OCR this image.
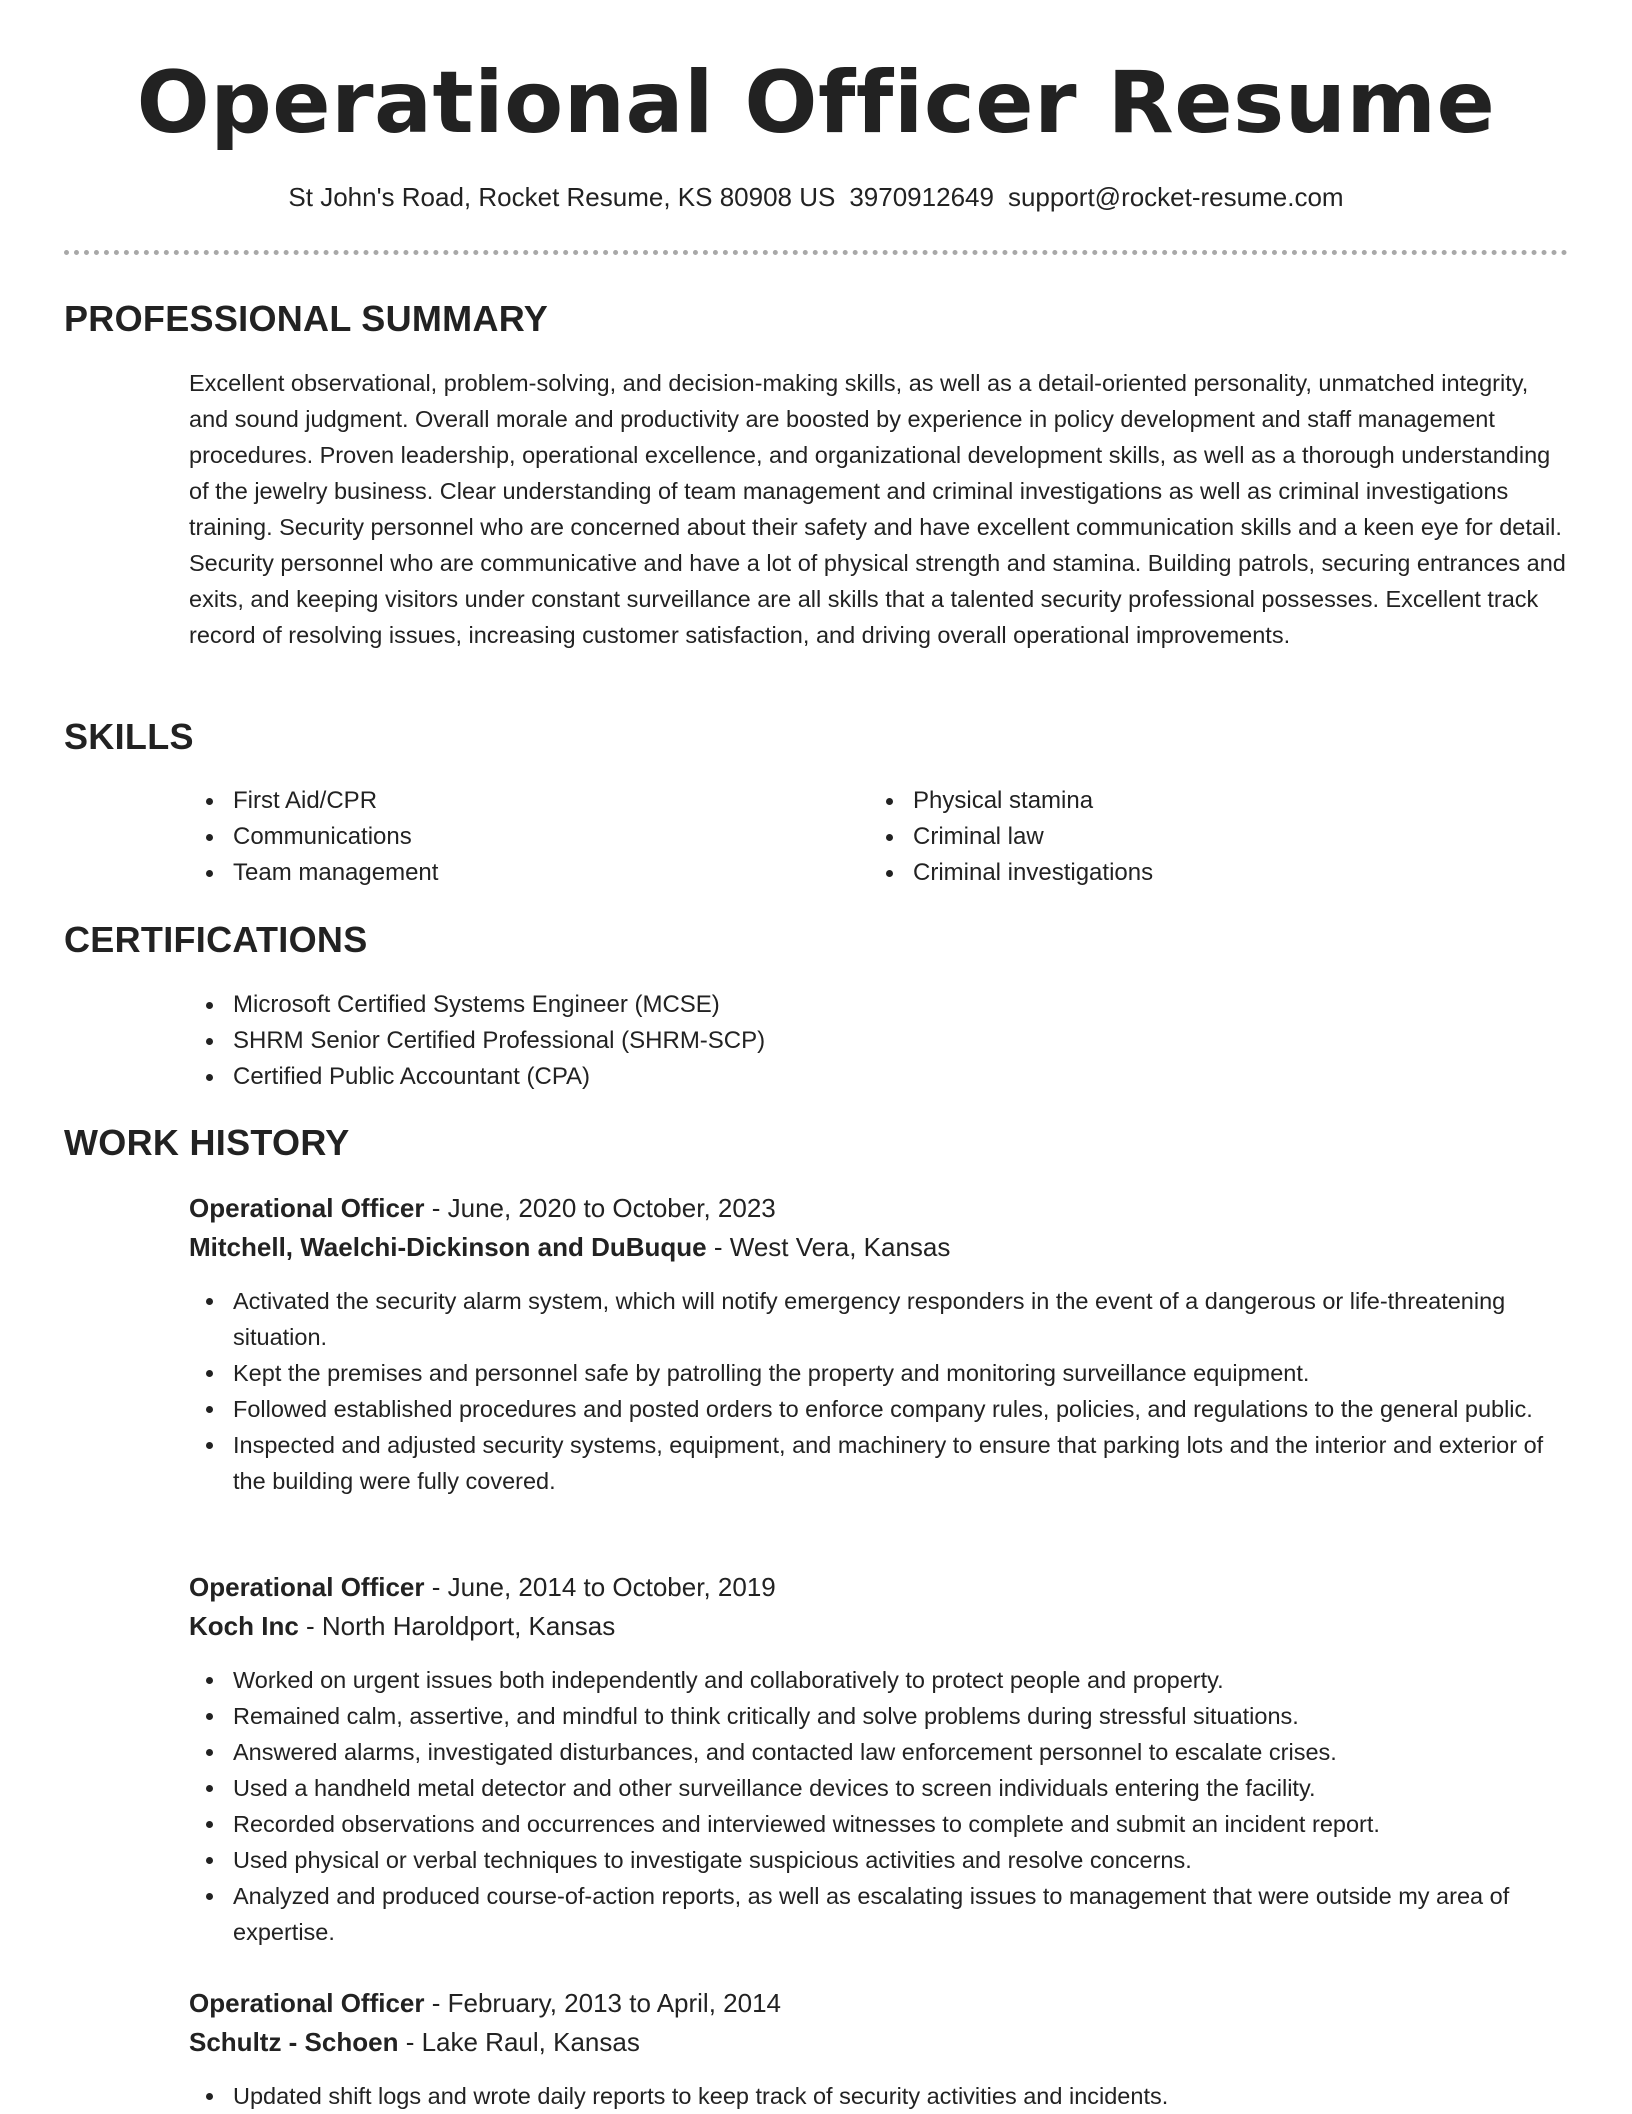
Operational Officer Resume
St John's Road, Rocket Resume, KS 80908 US 3970912649 support@rocket-resume.com
PROFESSIONAL SUMMARY

Excellent observational, problem-solving, and decision-making skills, as well as a detail-oriented personality, unmatched integrity, and sound judgment. Overall morale and productivity are boosted by experience in policy development and staff management procedures. Proven leadership, operational excellence, and organizational development skills, as well as a thorough understanding of the jewelry business. Clear understanding of team management and criminal investigations as well as criminal investigations training. Security personnel who are concerned about their safety and have excellent communication skills and a keen eye for detail. Security personnel who are communicative and have a lot of physical strength and stamina. Building patrols, securing entrances and exits, and keeping visitors under constant surveillance are all skills that a talented security professional possesses. Excellent track record of resolving issues, increasing customer satisfaction, and driving overall operational improvements.

SKILLS
First Aid/CPR
Communications
Team management
Physical stamina
Criminal law
Criminal investigations
CERTIFICATIONS
Microsoft Certified Systems Engineer (MCSE)
SHRM Senior Certified Professional (SHRM-SCP)
Certified Public Accountant (CPA)
WORK HISTORY
Operational Officer - June, 2020 to October, 2023
Mitchell, Waelchi-Dickinson and DuBuque - West Vera, Kansas
Activated the security alarm system, which will notify emergency responders in the event of a dangerous or life-threatening situation.
Kept the premises and personnel safe by patrolling the property and monitoring surveillance equipment.
Followed established procedures and posted orders to enforce company rules, policies, and regulations to the general public.
Inspected and adjusted security systems, equipment, and machinery to ensure that parking lots and the interior and exterior of the building were fully covered.
Operational Officer - June, 2014 to October, 2019
Koch Inc - North Haroldport, Kansas
Worked on urgent issues both independently and collaboratively to protect people and property.
Remained calm, assertive, and mindful to think critically and solve problems during stressful situations.
Answered alarms, investigated disturbances, and contacted law enforcement personnel to escalate crises.
Used a handheld metal detector and other surveillance devices to screen individuals entering the facility.
Recorded observations and occurrences and interviewed witnesses to complete and submit an incident report.
Used physical or verbal techniques to investigate suspicious activities and resolve concerns.
Analyzed and produced course-of-action reports, as well as escalating issues to management that were outside my area of expertise.
Operational Officer - February, 2013 to April, 2014
Schultz - Schoen - Lake Raul, Kansas
Updated shift logs and wrote daily reports to keep track of security activities and incidents.
